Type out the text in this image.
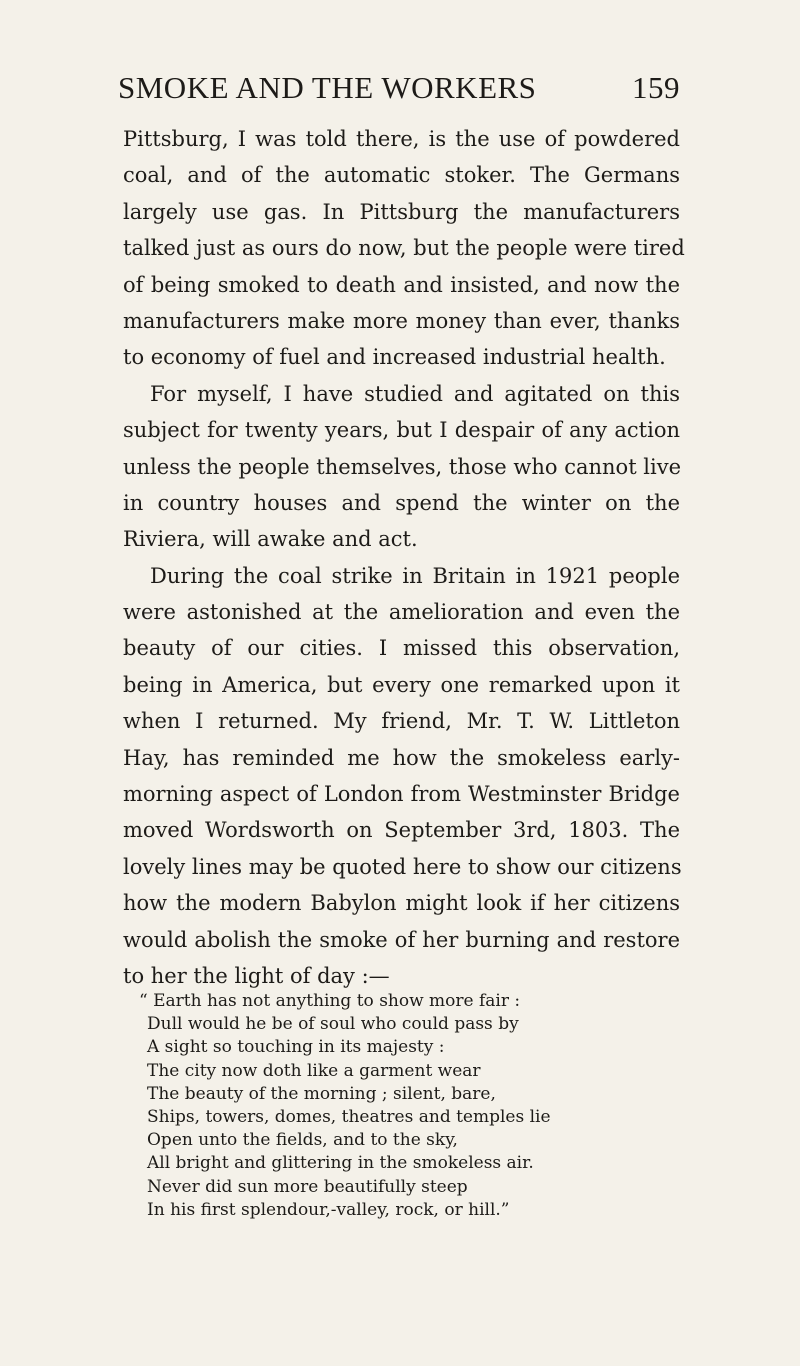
SMOKE AND THE WORKERS	159
Pittsburg, I was told there, is the use of powdered
coal, and of the automatic stoker. The Germans
largely use gas. In Pittsburg the manufacturers
talked just as ours do now, but the people were tired
of being smoked to death and insisted, and now the
manufacturers make more money than ever, thanks
to economy of fuel and increased industrial health.
For myself, I have studied and agitated on this
subject for twenty years, but I despair of any action
unless the people themselves, those who cannot live
in country houses and spend the winter on the
Riviera, will awake and act.
During the coal strike in Britain in 1921 people
were astonished at the amelioration and even the
beauty of our cities. I missed this observation,
being in America, but every one remarked upon it
when I returned. My friend, Mr. T. W. Littleton
Hay, has reminded me how the smokeless early-
morning aspect of London from Westminster Bridge
moved Wordsworth on September 3rd, 1803. The
lovely lines may be quoted here to show our citizens
how the modern Babylon might look if her citizens
would abolish the smoke of her burning and restore
to her the light of day :—
“ Earth has not anything to show more fair :
Dull would he be of soul who could pass by
A sight so touching in its majesty :
The city now doth like a garment wear
The beauty of the morning ; silent, bare,
Ships, towers, domes, theatres and temples lie
Open unto the fields, and to the sky,
All bright and glittering in the smokeless air.
Never did sun more beautifully steep
In his first splendour,-valley, rock, or hill.”
